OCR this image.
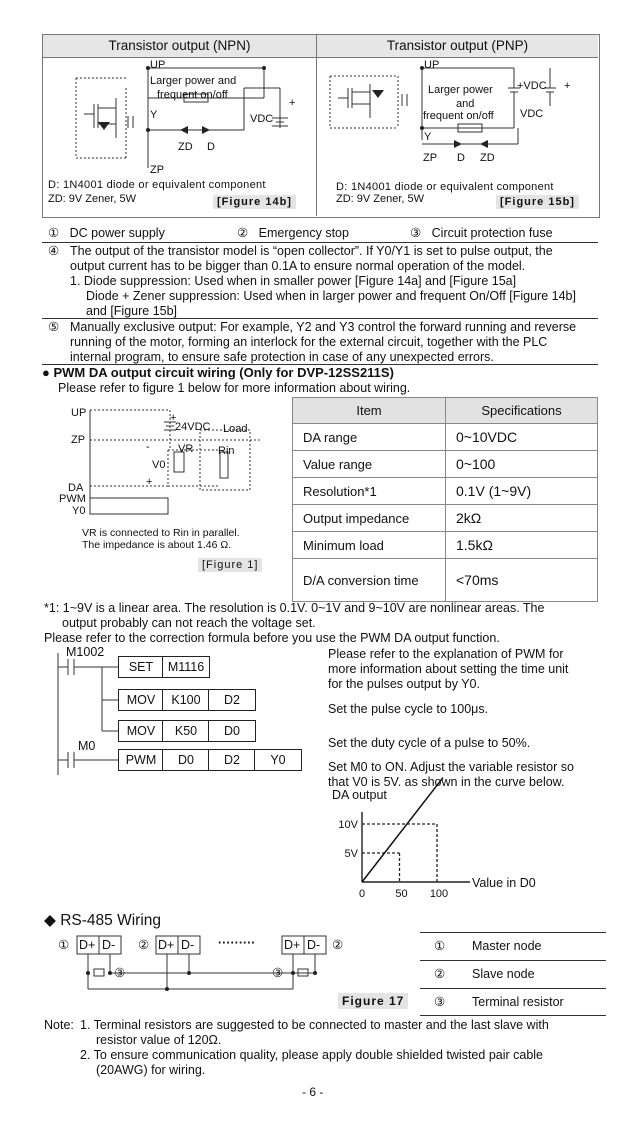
Transistor output (NPN)	Transistor output (PNP)
UP
Larger power and
frequent on/off
+
Y	VDC
ZD D
ZP
D: 1N4001 diode or equivalent component
ZD: 9V Zener, 5W	[Figure 14b]
UP
+VDC +
Larger power
and
VDC
frequent on/off
Y
ZP D ZD
D: 1N4001 diode or equivalent component
ZD: 9V Zener, 5W	[Figure 15b]
① DC power supply	② Emergency stop	③ Circuit protection fuse
④ The output of the transistor model is “open collector”. If Y0/Y1 is set to pulse output, the
output current has to be bigger than 0.1A to ensure normal operation of the model.
1. Diode suppression: Used when in smaller power [Figure 14a] and [Figure 15a]
Diode + Zener suppression: Used when in larger power and frequent On/Off [Figure 14b]
and [Figure 15b]
⑤ Manually exclusive output: For example, Y2 and Y3 control the forward running and reverse
running of the motor, forming an interlock for the external circuit, together with the PLC
internal program, to ensure safe protection in case of any unexpected errors.
● PWM DA output circuit wiring (Only for DVP-12SS211S)
Please refer to figure 1 below for more information about wiring.
UP	+
24VDC Load
ZP
-	VR Rin
V0
+
DA
PWM
Y0
VR is connected to Rin in parallel.
The impedance is about 1.46 Ω.
[Figure 1]
Item	Specifications
DA range	0~10VDC
Value range	0~100
Resolution*1	0.1V (1~9V)
Output impedance	2kΩ
Minimum load	1.5kΩ
D/A conversion time	<70ms
*1: 1~9V is a linear area. The resolution is 0.1V. 0~1V and 9~10V are nonlinear areas. The
output probably can not reach the voltage set.
Please refer to the correction formula before you use the PWM DA output function.
M1002
M0
SET	M1116
MOV	K100	D2
MOV	K50	D0
PWM	D0	D2	Y0
Please refer to the explanation of PWM for
more information about setting the time unit
for the pulses output by Y0.
Set the pulse cycle to 100μs.
Set the duty cycle of a pulse to 50%.
Set M0 to ON. Adjust the variable resistor so
that V0 is 5V. as shown in the curve below.
DA output
Value in D0
5V
10V
0	50 100
◆ RS-485 Wiring
① D+ D- ② D+ D- ········· D+ D- ②
③	③
Figure 17
① Master node
② Slave node
③ Terminal resistor
Note: 1. Terminal resistors are suggested to be connected to master and the last slave with
resistor value of 120Ω.
2. To ensure communication quality, please apply double shielded twisted pair cable
(20AWG) for wiring.
- 6 -
